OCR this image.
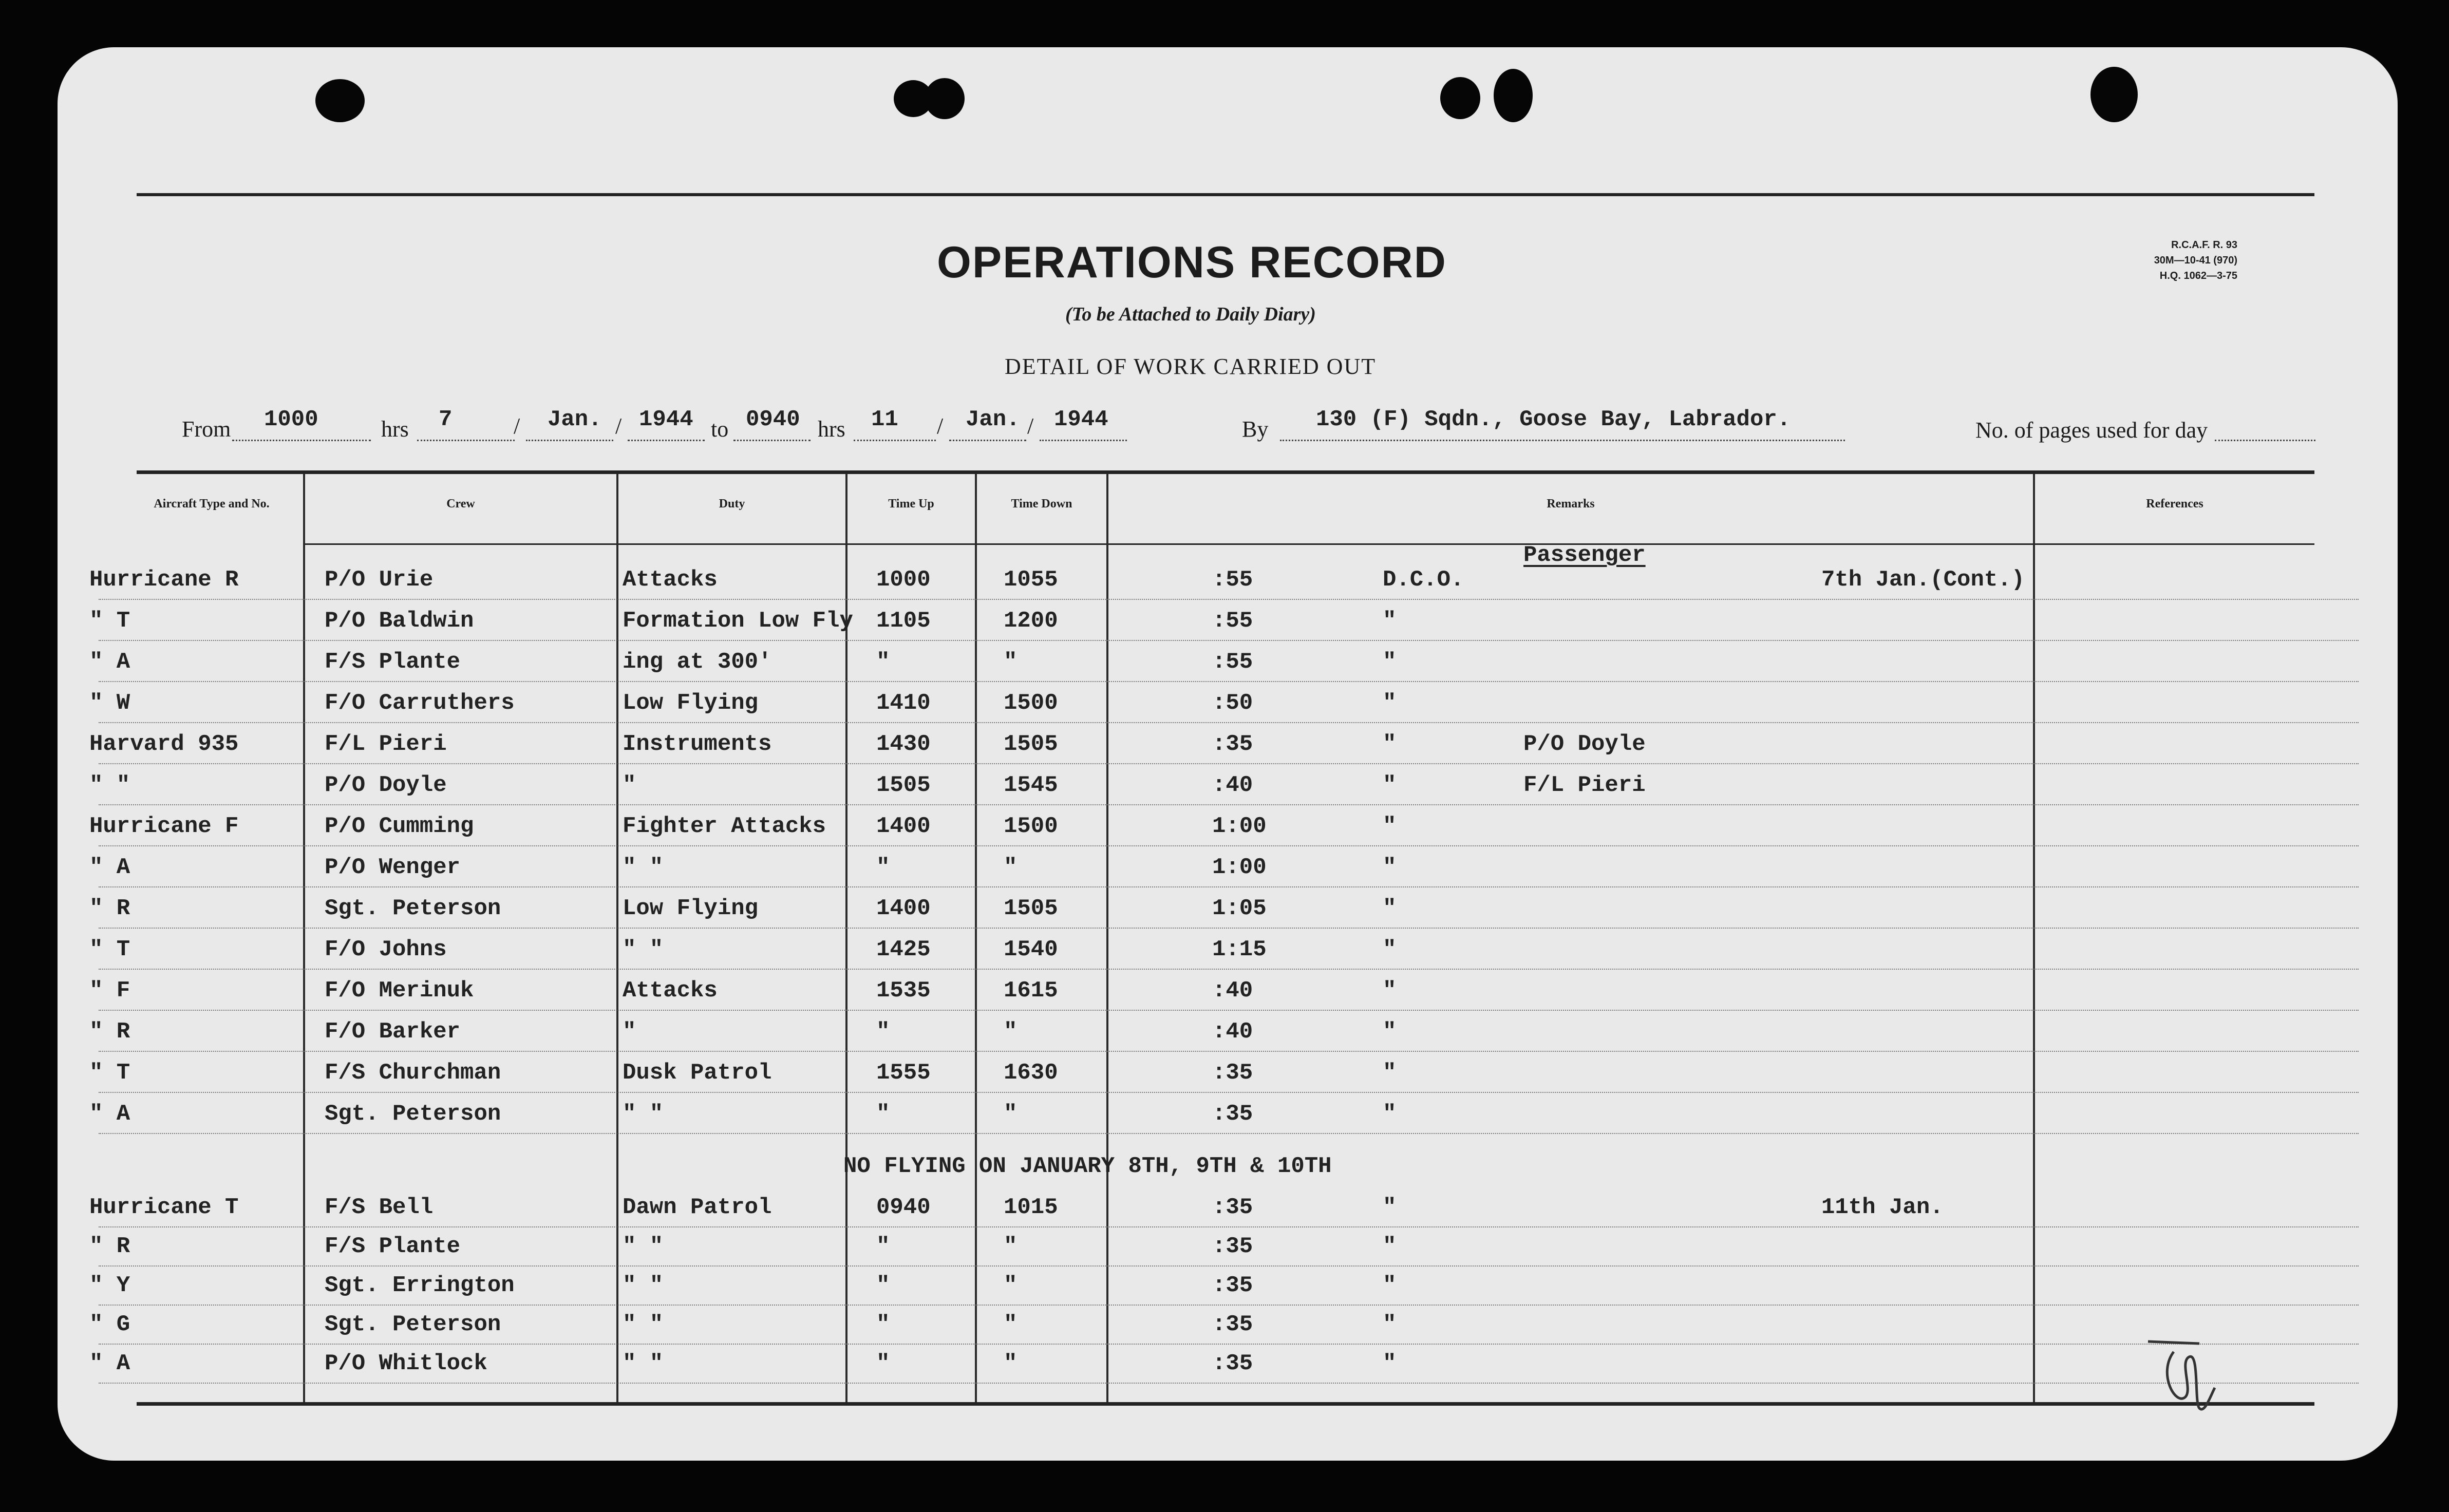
OPERATIONS RECORD
(To be Attached to Daily Diary)
DETAIL OF WORK CARRIED OUT
R.C.A.F. R. 93
30M—10-41 (970)
H.Q. 1062—3-75
From 1000	hrs 7	/ Jan. / 1944 to 0940 hrs 11 / Jan. / 1944	By 130 (F) Sqdn., Goose Bay, Labrador.	No. of pages used for day
Aircraft Type and No.	Crew	Duty	Time Up	Time Down	Remarks	References
Passenger
Hurricane R	P/O Urie	Attacks	1000	1055	:55	D.C.O.	7th Jan.(Cont.)
" T	P/O Baldwin	Formation Low Fly 1105	1200	:55	"
" A	F/S Plante	ing at 300'	"	"	:55	"
" W	F/O Carruthers	Low Flying	1410	1500	:50	"
Harvard 935	F/L Pieri	Instruments	1430	1505	:35	"	P/O Doyle
" "	P/O Doyle	"	1505	1545	:40	"	F/L Pieri
Hurricane F	P/O Cumming	Fighter Attacks 1400	1500	1:00	"
" A	P/O Wenger	" "	"	"	1:00	"
" R	Sgt. Peterson	Low Flying	1400	1505	1:05	"
" T	F/O Johns	" "	1425	1540	1:15	"
" F	F/O Merinuk	Attacks	1535	1615	:40	"
" R	F/O Barker	"	"	"	:40	"
" T	F/S Churchman	Dusk Patrol	1555	1630	:35	"
" A	Sgt. Peterson	" "	"	"	:35	"
Hurricane T	F/S Bell	Dawn Patrol	0940	1015	:35	"	11th Jan.
" R	F/S Plante	" "	"	"	:35	"
" Y	Sgt. Errington	" "	"	"	:35	"
" G	Sgt. Peterson	" "	"	"	:35	"
" A	P/O Whitlock	" "	"	"	:35	"
NO FLYING ON JANUARY 8TH, 9TH & 10TH
